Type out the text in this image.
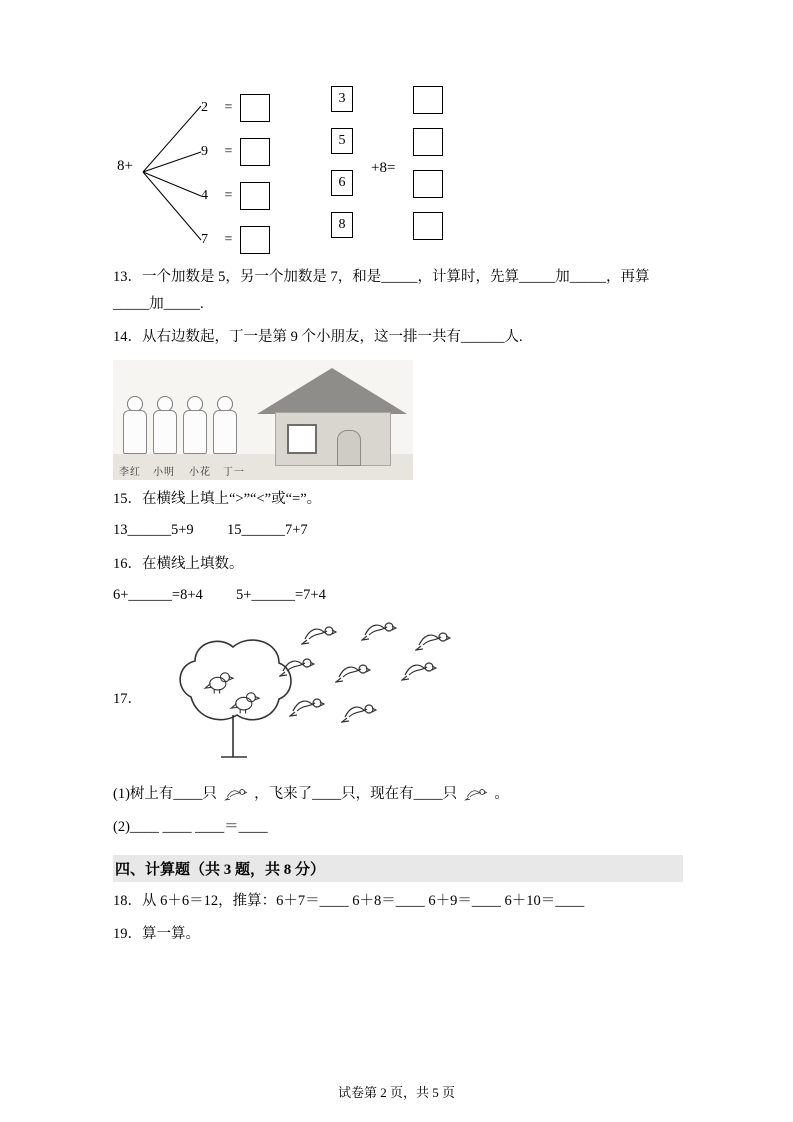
8+
2 =
9 =
4 =
7 =
3
5
6
8
+8=
13．一个加数是 5，另一个加数是 7，和是_____，计算时，先算_____加_____，再算_____加_____.
14．从右边数起，丁一是第 9 个小朋友，这一排一共有______人.
李红 小明 小花 丁一
15．在横线上填上“>”“<”或“=”。
13______5+9 15______7+7
16．在横线上填数。
6+______=8+4 5+______=7+4
17．
(1)树上有____只	，飞来了____只，现在有____只	。
(2)____ ____ ____＝____
四、计算题（共 3 题，共 8 分）
18．从 6＋6＝12，推算：6＋7＝____ 6＋8＝____ 6＋9＝____ 6＋10＝____
19．算一算。
试卷第 2 页，共 5 页
